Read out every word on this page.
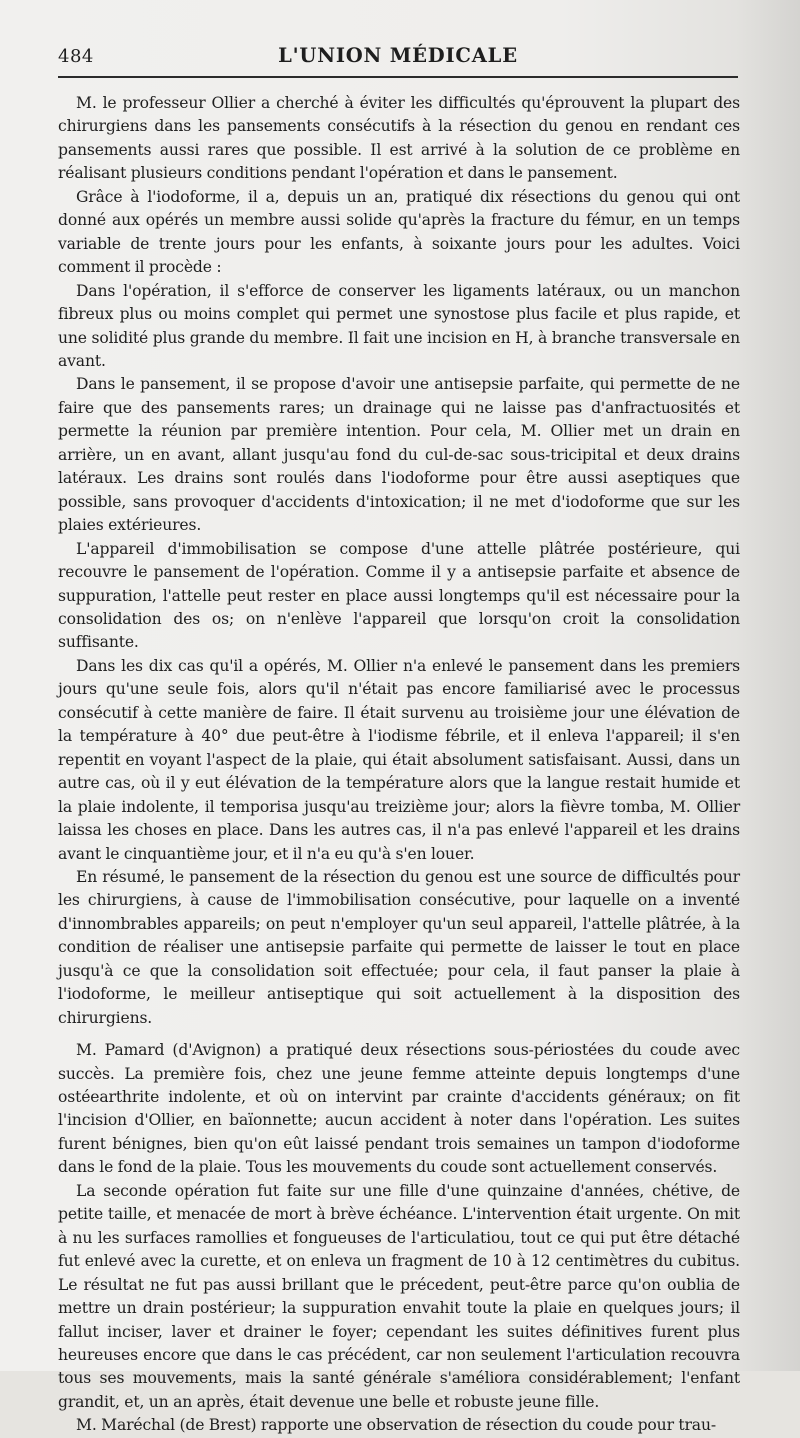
484	L'UNION MÉDICALE

M. le professeur Ollier a cherché à éviter les difficultés qu'éprouvent la plupart des chirurgiens dans les pansements consécutifs à la résection du genou en rendant ces pansements aussi rares que possible. Il est arrivé à la solution de ce problème en réalisant plusieurs conditions pendant l'opération et dans le pansement.

Grâce à l'iodoforme, il a, depuis un an, pratiqué dix résections du genou qui ont donné aux opérés un membre aussi solide qu'après la fracture du fémur, en un temps variable de trente jours pour les enfants, à soixante jours pour les adultes. Voici comment il procède :

Dans l'opération, il s'efforce de conserver les ligaments latéraux, ou un manchon fibreux plus ou moins complet qui permet une synostose plus facile et plus rapide, et une solidité plus grande du membre. Il fait une incision en H, à branche transversale en avant.

Dans le pansement, il se propose d'avoir une antisepsie parfaite, qui permette de ne faire que des pansements rares; un drainage qui ne laisse pas d'anfractuosités et permette la réunion par première intention. Pour cela, M. Ollier met un drain en arrière, un en avant, allant jusqu'au fond du cul-de-sac sous-tricipital et deux drains latéraux. Les drains sont roulés dans l'iodoforme pour être aussi aseptiques que possible, sans provoquer d'accidents d'intoxication; il ne met d'iodoforme que sur les plaies extérieures.

L'appareil d'immobilisation se compose d'une attelle plâtrée postérieure, qui recouvre le pansement de l'opération. Comme il y a antisepsie parfaite et absence de suppuration, l'attelle peut rester en place aussi longtemps qu'il est nécessaire pour la consolidation des os; on n'enlève l'appareil que lorsqu'on croit la consolidation suffisante.

Dans les dix cas qu'il a opérés, M. Ollier n'a enlevé le pansement dans les premiers jours qu'une seule fois, alors qu'il n'était pas encore familiarisé avec le processus consécutif à cette manière de faire. Il était survenu au troisième jour une élévation de la température à 40° due peut-être à l'iodisme fébrile, et il enleva l'appareil; il s'en repentit en voyant l'aspect de la plaie, qui était absolument satisfaisant. Aussi, dans un autre cas, où il y eut élévation de la température alors que la langue restait humide et la plaie indolente, il temporisa jusqu'au treizième jour; alors la fièvre tomba, M. Ollier laissa les choses en place. Dans les autres cas, il n'a pas enlevé l'appareil et les drains avant le cinquantième jour, et il n'a eu qu'à s'en louer.

En résumé, le pansement de la résection du genou est une source de difficultés pour les chirurgiens, à cause de l'immobilisation consécutive, pour laquelle on a inventé d'innombrables appareils; on peut n'employer qu'un seul appareil, l'attelle plâtrée, à la condition de réaliser une antisepsie parfaite qui permette de laisser le tout en place jusqu'à ce que la consolidation soit effectuée; pour cela, il faut panser la plaie à l'iodoforme, le meilleur antiseptique qui soit actuellement à la disposition des chirurgiens.

M. Pamard (d'Avignon) a pratiqué deux résections sous-périostées du coude avec succès. La première fois, chez une jeune femme atteinte depuis longtemps d'une ostéearthrite indolente, et où on intervint par crainte d'accidents généraux; on fit l'incision d'Ollier, en baïonnette; aucun accident à noter dans l'opération. Les suites furent bénignes, bien qu'on eût laissé pendant trois semaines un tampon d'iodoforme dans le fond de la plaie. Tous les mouvements du coude sont actuellement conservés.

La seconde opération fut faite sur une fille d'une quinzaine d'années, chétive, de petite taille, et menacée de mort à brève échéance. L'intervention était urgente. On mit à nu les surfaces ramollies et fongueuses de l'articulatiou, tout ce qui put être détaché fut enlevé avec la curette, et on enleva un fragment de 10 à 12 centimètres du cubitus. Le résultat ne fut pas aussi brillant que le précedent, peut-être parce qu'on oublia de mettre un drain postérieur; la suppuration envahit toute la plaie en quelques jours; il fallut inciser, laver et drainer le foyer; cependant les suites définitives furent plus heureuses encore que dans le cas précédent, car non seulement l'articulation recouvra tous ses mouvements, mais la santé générale s'améliora considérablement; l'enfant grandit, et, un an après, était devenue une belle et robuste jeune fille.

M. Maréchal (de Brest) rapporte une observation de résection du coude pour trau-
